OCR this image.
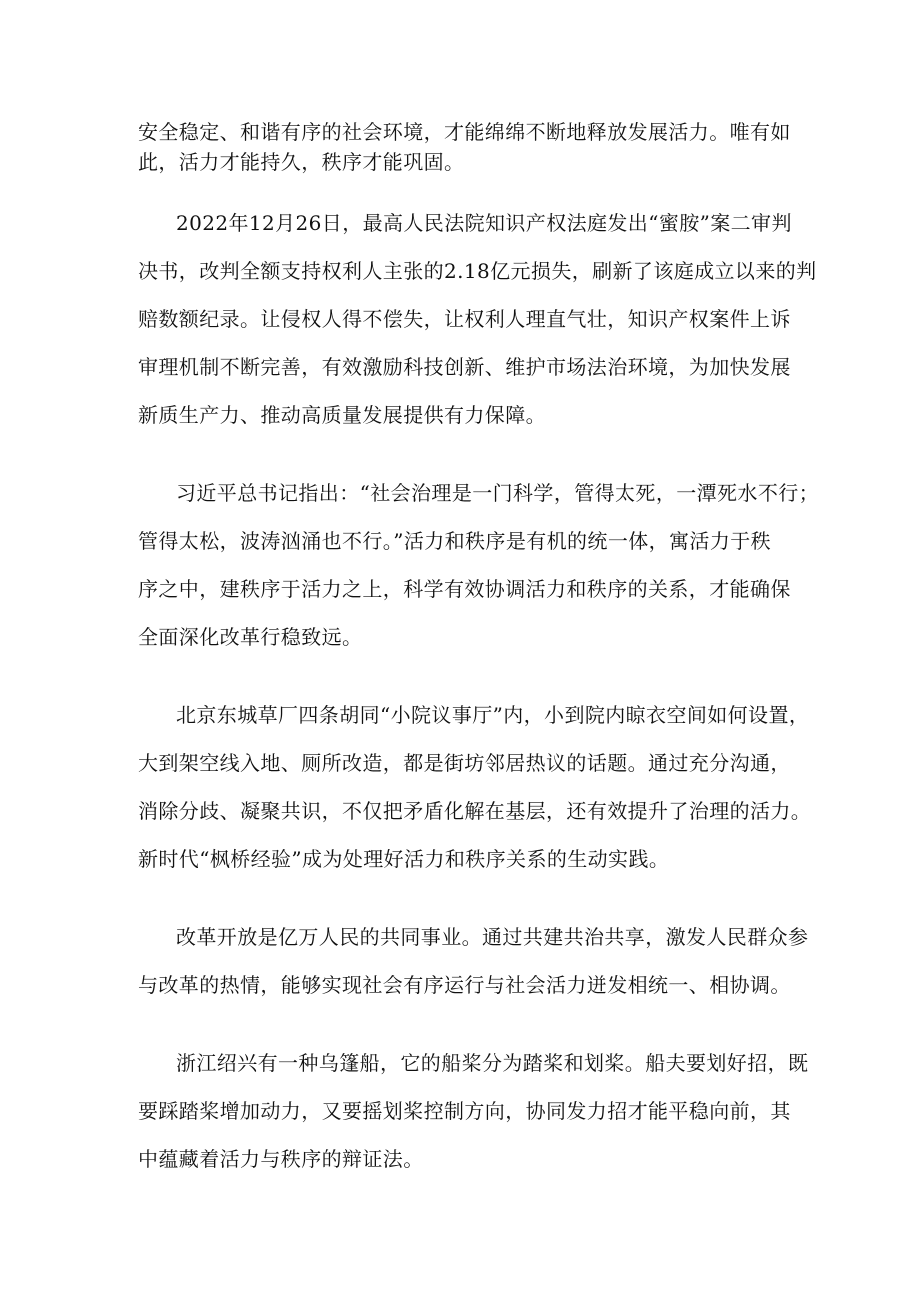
安全稳定、和谐有序的社会环境，才能绵绵不断地释放发展活力。唯有如
此，活力才能持久，秩序才能巩固。
2022年12月26日，最高人民法院知识产权法庭发出“蜜胺”案二审判
决书，改判全额支持权利人主张的2.18亿元损失，刷新了该庭成立以来的判
赔数额纪录。让侵权人得不偿失，让权利人理直气壮，知识产权案件上诉
审理机制不断完善，有效激励科技创新、维护市场法治环境，为加快发展
新质生产力、推动高质量发展提供有力保障。
习近平总书记指出：“社会治理是一门科学，管得太死，一潭死水不行；
管得太松，波涛汹涌也不行。”活力和秩序是有机的统一体，寓活力于秩
序之中，建秩序于活力之上，科学有效协调活力和秩序的关系，才能确保
全面深化改革行稳致远。
北京东城草厂四条胡同“小院议事厅”内，小到院内晾衣空间如何设置，
大到架空线入地、厕所改造，都是街坊邻居热议的话题。通过充分沟通，
消除分歧、凝聚共识，不仅把矛盾化解在基层，还有效提升了治理的活力。
新时代“枫桥经验”成为处理好活力和秩序关系的生动实践。
改革开放是亿万人民的共同事业。通过共建共治共享，激发人民群众参
与改革的热情，能够实现社会有序运行与社会活力迸发相统一、相协调。
浙江绍兴有一种乌篷船，它的船桨分为踏桨和划桨。船夫要划好招，既
要踩踏桨增加动力，又要摇划桨控制方向，协同发力招才能平稳向前，其
中蕴藏着活力与秩序的辩证法。
